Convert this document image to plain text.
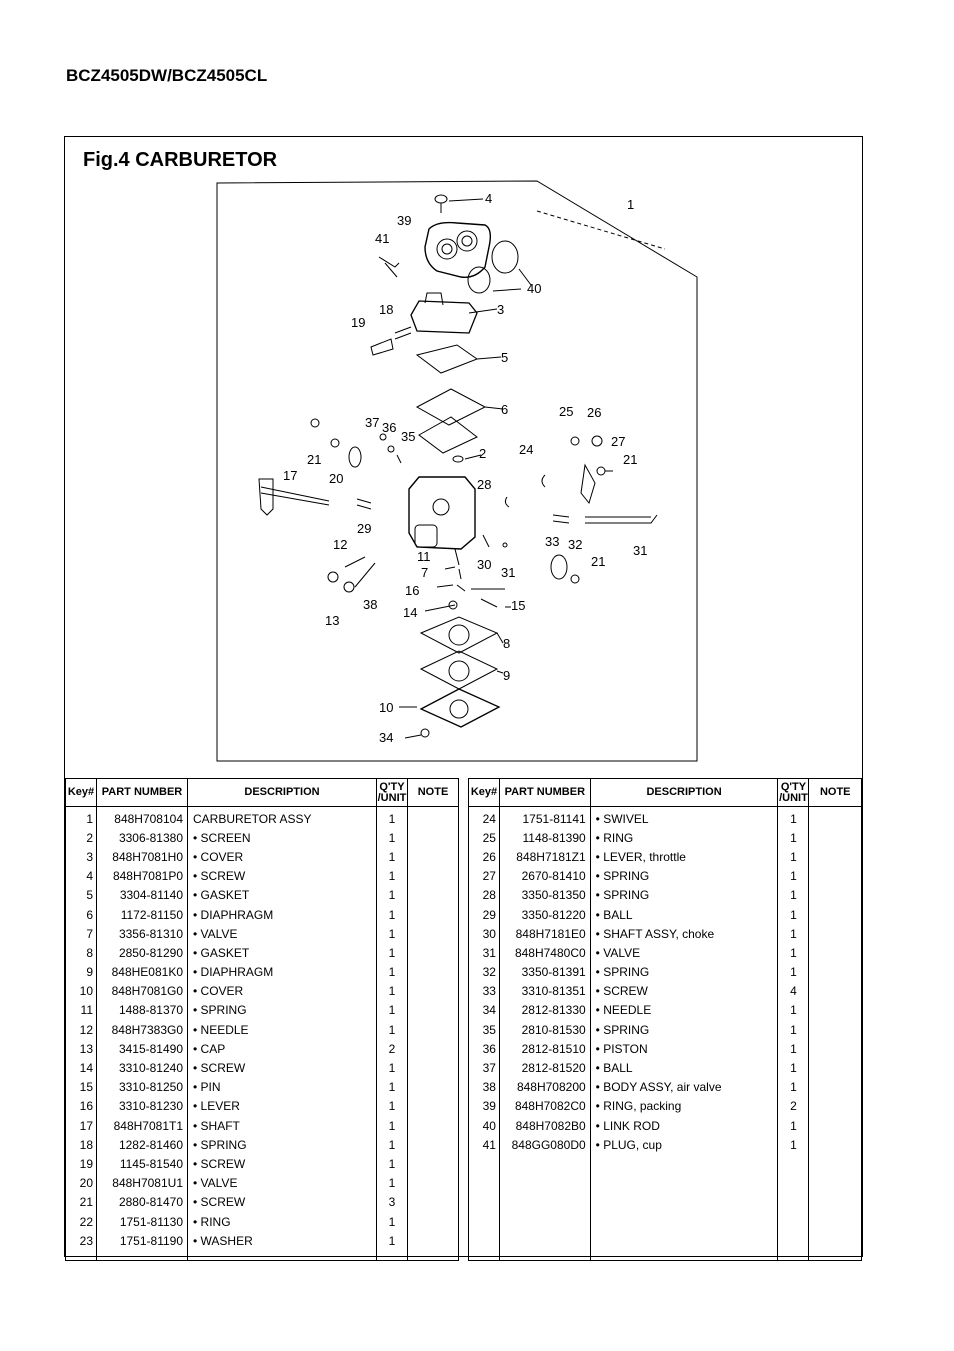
BCZ4505DW/BCZ4505CL
Fig.4 CARBURETOR
4	1
39
41
40
18	3
19
5
6	25 26
37 36
35	27
24
2
21	21
17 20	28
29
12	33 32	31
11
30
31
21
7
16
38	15
14
13
8
9
10
34
Key#	PART NUMBER	DESCRIPTION	Q'TY
/UNIT	NOTE
1	848H708104	CARBURETOR ASSY	1	
2	3306-81380	• SCREEN	1	
3	848H7081H0	• COVER	1	
4	848H7081P0	• SCREW	1	
5	3304-81140	• GASKET	1	
6	1172-81150	• DIAPHRAGM	1	
7	3356-81310	• VALVE	1	
8	2850-81290	• GASKET	1	
9	848HE081K0	• DIAPHRAGM	1	
10	848H7081G0	• COVER	1	
11	1488-81370	• SPRING	1	
12	848H7383G0	• NEEDLE	1	
13	3415-81490	• CAP	2	
14	3310-81240	• SCREW	1	
15	3310-81250	• PIN	1	
16	3310-81230	• LEVER	1	
17	848H7081T1	• SHAFT	1	
18	1282-81460	• SPRING	1	
19	1145-81540	• SCREW	1	
20	848H7081U1	• VALVE	1	
21	2880-81470	• SCREW	3	
22	1751-81130	• RING	1	
23	1751-81190	• WASHER	1	

Key#	PART NUMBER	DESCRIPTION	Q'TY
/UNIT	NOTE
24	1751-81141	• SWIVEL	1	
25	1148-81390	• RING	1	
26	848H7181Z1	• LEVER, throttle	1	
27	2670-81410	• SPRING	1	
28	3350-81350	• SPRING	1	
29	3350-81220	• BALL	1	
30	848H7181E0	• SHAFT ASSY, choke	1	
31	848H7480C0	• VALVE	1	
32	3350-81391	• SPRING	1	
33	3310-81351	• SCREW	4	
34	2812-81330	• NEEDLE	1	
35	2810-81530	• SPRING	1	
36	2812-81510	• PISTON	1	
37	2812-81520	• BALL	1	
38	848H708200	• BODY ASSY, air valve	1	
39	848H7082C0	• RING, packing	2	
40	848H7082B0	• LINK ROD	1	
41	848GG080D0	• PLUG, cup	1	
